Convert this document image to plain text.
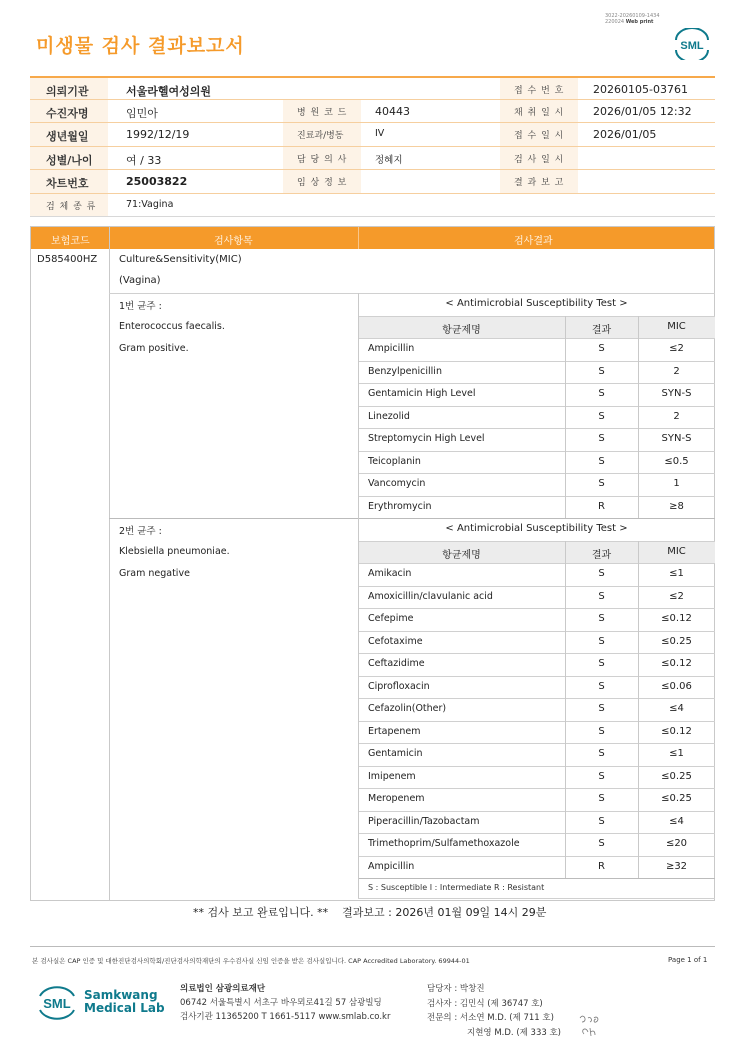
미생물 검사 결과보고서
3022-20260109-1434
220024 Web print
SML
의뢰기관	서울라헬여성의원	접 수 번 호	20260105-03761
수진자명	임민아	병 원 코 드	40443	채 취 일 시	2026/01/05 12:32
생년월일	1992/12/19	진료과/병동	IV	접 수 일 시	2026/01/05
성별/나이	여 / 33	담 당 의 사	정혜지	검 사 일 시
차트번호	25003822	임 상 정 보	결 과 보 고
검 체 종 류	71:Vagina
보험코드	검사항목	검사결과
D585400HZ Culture&Sensitivity(MIC)
(Vagina)
1번 균주 :	< Antimicrobial Susceptibility Test >
항균제명	결과	MIC
Enterococcus faecalis.
Gram positive.	Ampicillin	S	≤2
Benzylpenicillin	S	2
Gentamicin High Level	S	SYN-S
Linezolid	S	2
Streptomycin High Level	S	SYN-S
Teicoplanin	S	≤0.5
Vancomycin	S	1
Erythromycin	R	≥8
2번 균주 :	< Antimicrobial Susceptibility Test >
항균제명	결과	MIC
Klebsiella pneumoniae.
Gram negative	Amikacin	S	≤1
Amoxicillin/clavulanic acid	S	≤2
Cefepime	S	≤0.12
Cefotaxime	S	≤0.25
Ceftazidime	S	≤0.12
Ciprofloxacin	S	≤0.06
Cefazolin(Other)	S	≤4
Ertapenem	S	≤0.12
Gentamicin	S	≤1
Imipenem	S	≤0.25
Meropenem	S	≤0.25
Piperacillin/Tazobactam	S	≤4
Trimethoprim/Sulfamethoxazole	S	≤20
Ampicillin	R	≥32
S : Susceptible I : Intermediate R : Resistant
** 검사 보고 완료입니다. ** 결과보고 : 2026년 01월 09일 14시 29분
본 검사실은 CAP 인증 및 대한진단검사의학회/진단검사의학재단의 우수검사실 신임 인증을 받은 검사실입니다. CAP Accredited Laboratory. 69944-01	Page 1 of 1
SML
Samkwang
Medical Lab
의료법인 삼광의료재단
06742 서울특별시 서초구 바우뫼로41길 57 삼광빌딩
검사기관 11365200 T 1661-5117 www.smlab.co.kr
담당자 : 박창진
검사자 : 김민식 (제 36747 호)
전문의 : 서소연 M.D. (제 711 호)
지현영 M.D. (제 333 호)
